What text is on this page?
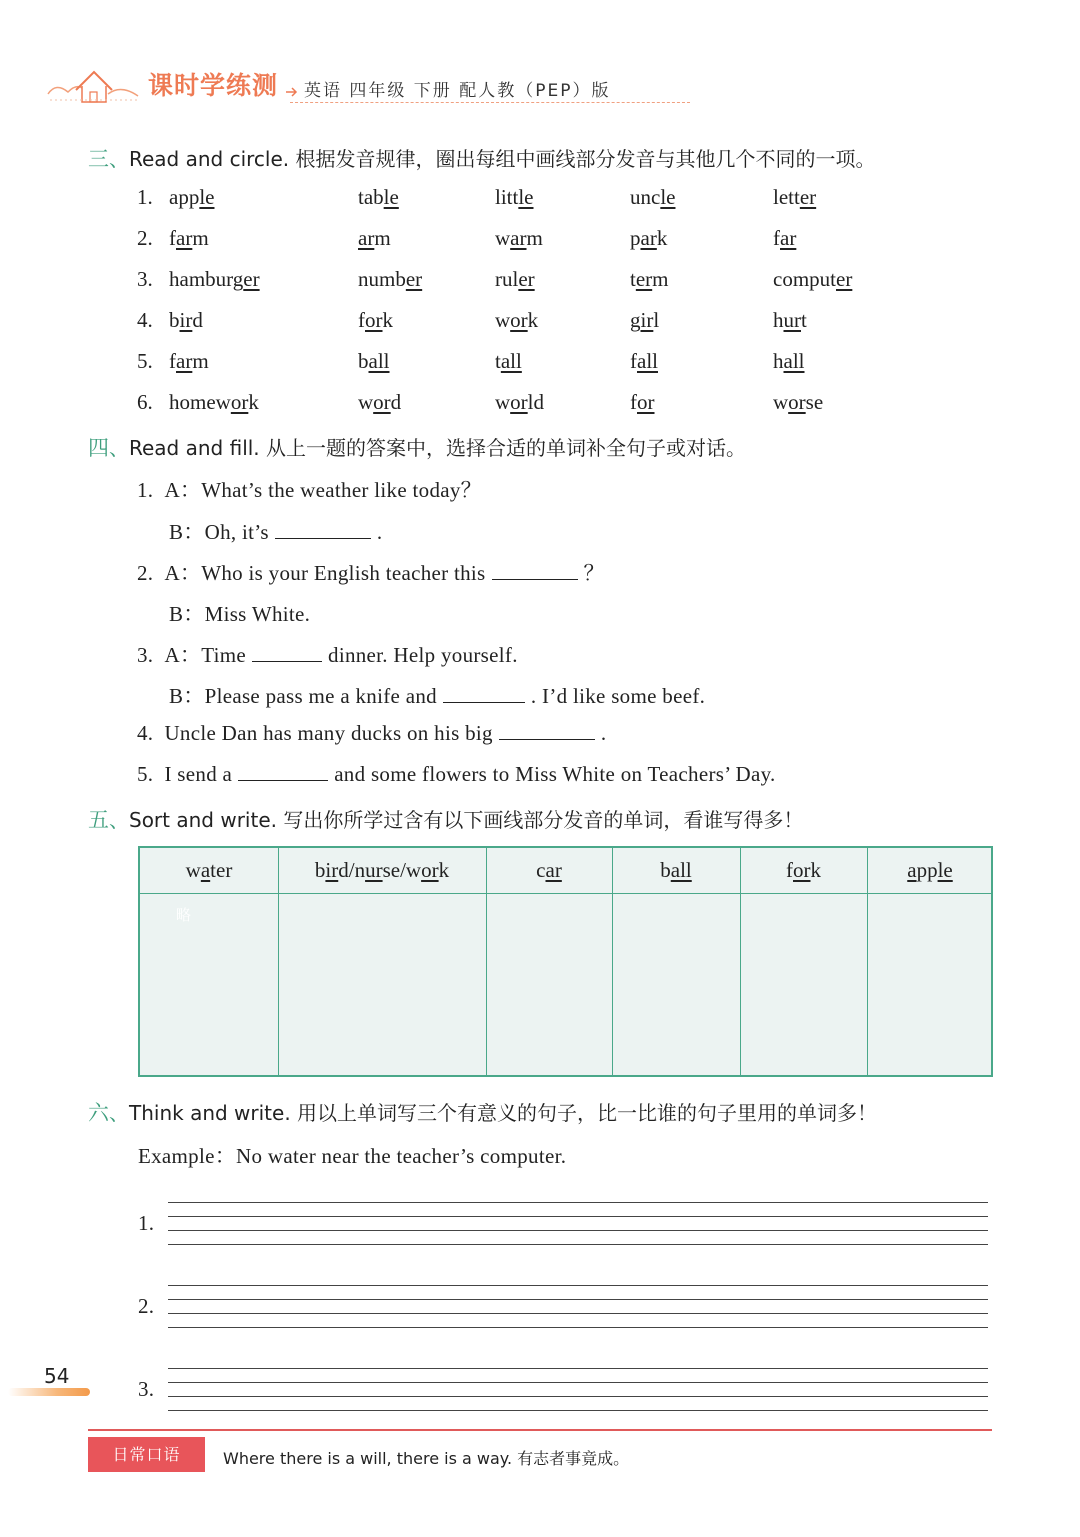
课时学练测 英语 四年级 下册 配人教（PEP）版
三、Read and circle. 根据发音规律，圈出每组中画线部分发音与其他几个不同的一项。
1. apple	table	little	uncle	letter
2. farm	arm	warm	park	far
3. hamburger	number	ruler	term	computer
4. bird	fork	work	girl	hurt
5. farm	ball	tall	fall	hall
6. homework	word	world	for	worse
四、Read and fill. 从上一题的答案中，选择合适的单词补全句子或对话。
1. A：What’s the weather like today？
B：Oh, it’s	.
2. A：Who is your English teacher this	？
B：Miss White.
3. A：Time	dinner. Help yourself.
B：Please pass me a knife and	. I’d like some beef.
4. Uncle Dan has many ducks on his big	.
5. I send a	and some flowers to Miss White on Teachers’ Day.
五、Sort and write. 写出你所学过含有以下画线部分发音的单词，看谁写得多！
water	bird/nurse/work	car	ball	fork	apple
略
六、Think and write. 用以上单词写三个有意义的句子，比一比谁的句子里用的单词多！
Example：No water near the teacher’s computer.
1.
2.
3.
54
日常口语	Where there is a will, there is a way. 有志者事竟成。
